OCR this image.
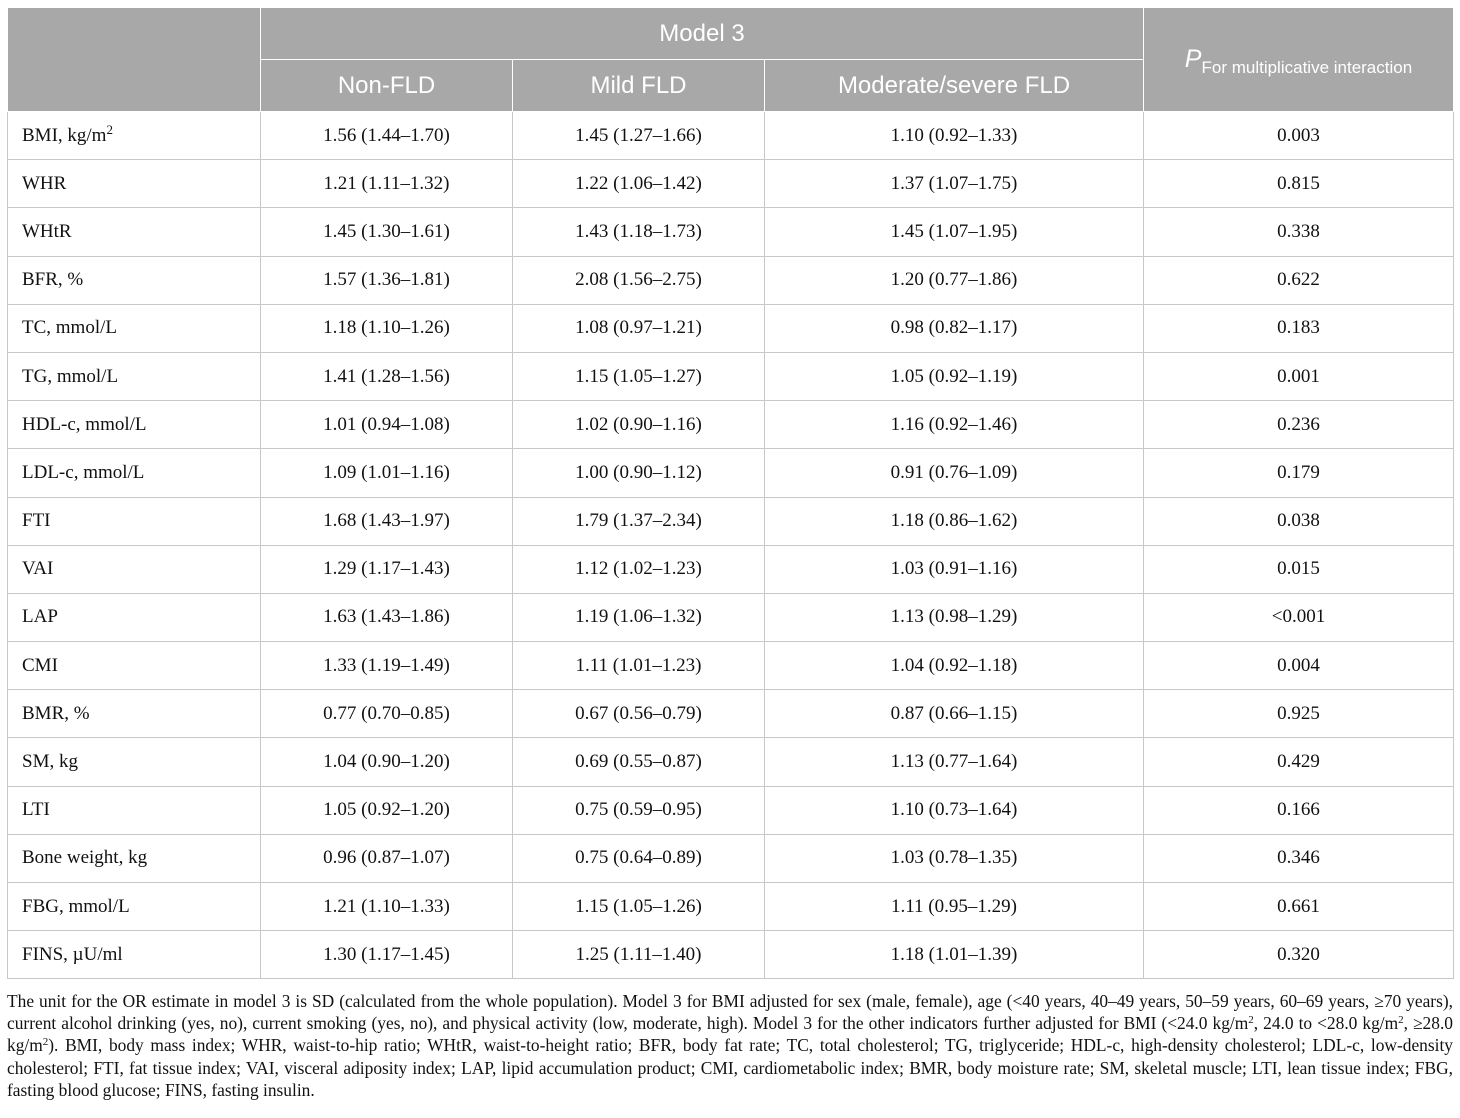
	Model 3			$P_{For multiplicative interaction}$
	Non-FLD	Mild FLD	Moderate/severe FLD	
BMI, $kg/m^2$	1.56 (1.44–1.70)	1.45 (1.27–1.66)	1.10 (0.92–1.33)	0.003
WHR	1.21 (1.11–1.32)	1.22 (1.06–1.42)	1.37 (1.07–1.75)	0.815
WHtR	1.45 (1.30–1.61)	1.43 (1.18–1.73)	1.45 (1.07–1.95)	0.338
BFR, %	1.57 (1.36–1.81)	2.08 (1.56–2.75)	1.20 (0.77–1.86)	0.622
TC, mmol/L	1.18 (1.10–1.26)	1.08 (0.97–1.21)	0.98 (0.82–1.17)	0.183
TG, mmol/L	1.41 (1.28–1.56)	1.15 (1.05–1.27)	1.05 (0.92–1.19)	0.001
HDL-c, mmol/L	1.01 (0.94–1.08)	1.02 (0.90–1.16)	1.16 (0.92–1.46)	0.236
LDL-c, mmol/L	1.09 (1.01–1.16)	1.00 (0.90–1.12)	0.91 (0.76–1.09)	0.179
FTI	1.68 (1.43–1.97)	1.79 (1.37–2.34)	1.18 (0.86–1.62)	0.038
VAI	1.29 (1.17–1.43)	1.12 (1.02–1.23)	1.03 (0.91–1.16)	0.015
LAP	1.63 (1.43–1.86)	1.19 (1.06–1.32)	1.13 (0.98–1.29)	<0.001
CMI	1.33 (1.19–1.49)	1.11 (1.01–1.23)	1.04 (0.92–1.18)	0.004
BMR, %	0.77 (0.70–0.85)	0.67 (0.56–0.79)	0.87 (0.66–1.15)	0.925
SM, kg	1.04 (0.90–1.20)	0.69 (0.55–0.87)	1.13 (0.77–1.64)	0.429
LTI	1.05 (0.92–1.20)	0.75 (0.59–0.95)	1.10 (0.73–1.64)	0.166
Bone weight, kg	0.96 (0.87–1.07)	0.75 (0.64–0.89)	1.03 (0.78–1.35)	0.346
FBG, mmol/L	1.21 (1.10–1.33)	1.15 (1.05–1.26)	1.11 (0.95–1.29)	0.661
FINS, µU/ml	1.30 (1.17–1.45)	1.25 (1.11–1.40)	1.18 (1.01–1.39)	0.320
The unit for the OR estimate in model 3 is SD (calculated from the whole population). Model 3 for BMI adjusted for sex (male, female), age (<40 years, 40–49 years, 50–59 years, 60–69 years, ≥70 years), current alcohol drinking (yes, no), current smoking (yes, no), and physical activity (low, moderate, high). Model 3 for the other indicators further adjusted for BMI (<24.0 $kg/m^2$, 24.0 to <28.0 $kg/m^2$, ≥28.0 $kg/m^2$). BMI, body mass index; WHR, waist-to-hip ratio; WHtR, waist-to-height ratio; BFR, body fat rate; TC, total cholesterol; TG, triglyceride; HDL-c, high-density cholesterol; LDL-c, low-density cholesterol; FTI, fat tissue index; VAI, visceral adiposity index; LAP, lipid accumulation product; CMI, cardiometabolic index; BMR, body moisture rate; SM, skeletal muscle; LTI, lean tissue index; FBG, fasting blood glucose; FINS, fasting insulin.
